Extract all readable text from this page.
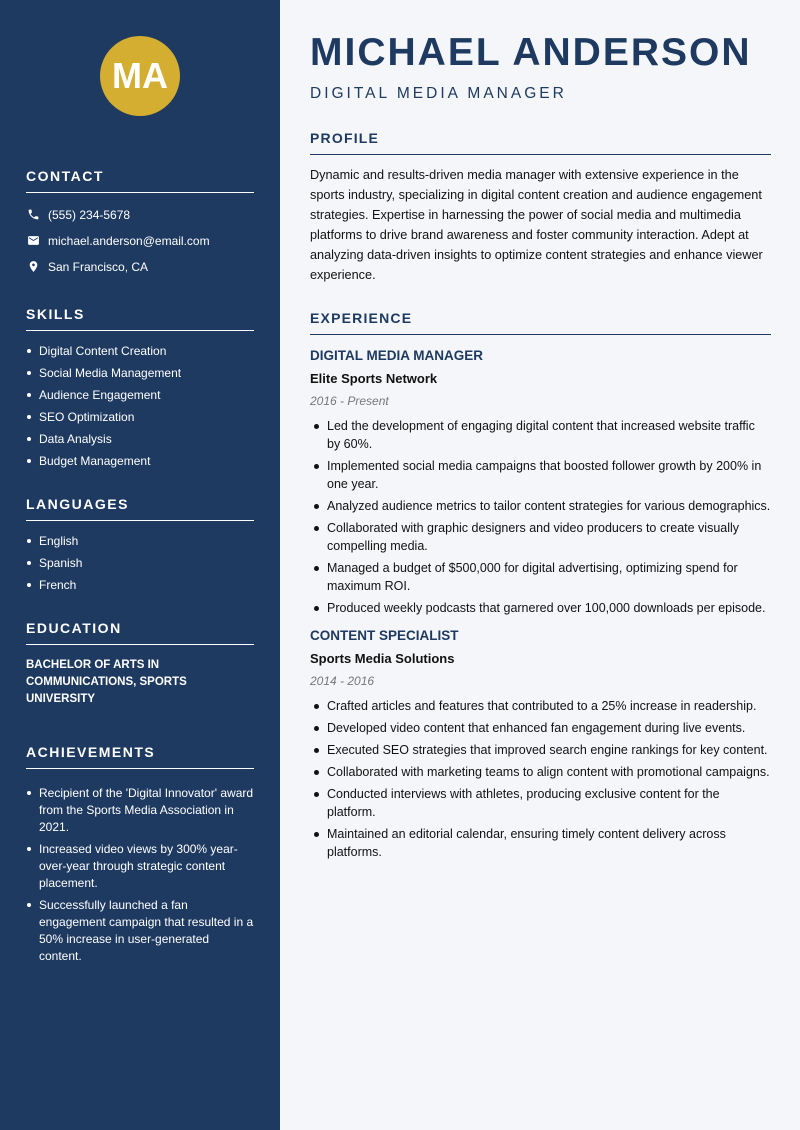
MA
CONTACT
(555) 234-5678
michael.anderson@email.com
San Francisco, CA
SKILLS
Digital Content Creation
Social Media Management
Audience Engagement
SEO Optimization
Data Analysis
Budget Management
LANGUAGES
English
Spanish
French
EDUCATION
BACHELOR OF ARTS IN COMMUNICATIONS, SPORTS UNIVERSITY
ACHIEVEMENTS
Recipient of the 'Digital Innovator' award from the Sports Media Association in 2021.
Increased video views by 300% year-over-year through strategic content placement.
Successfully launched a fan engagement campaign that resulted in a 50% increase in user-generated content.
MICHAEL ANDERSON
DIGITAL MEDIA MANAGER
PROFILE

Dynamic and results-driven media manager with extensive experience in the sports industry, specializing in digital content creation and audience engagement strategies. Expertise in harnessing the power of social media and multimedia platforms to drive brand awareness and foster community interaction. Adept at analyzing data-driven insights to optimize content strategies and enhance viewer experience.

EXPERIENCE
DIGITAL MEDIA MANAGER
Elite Sports Network
2016 - Present
Led the development of engaging digital content that increased website traffic by 60%.
Implemented social media campaigns that boosted follower growth by 200% in one year.
Analyzed audience metrics to tailor content strategies for various demographics.
Collaborated with graphic designers and video producers to create visually compelling media.
Managed a budget of $500,000 for digital advertising, optimizing spend for maximum ROI.
Produced weekly podcasts that garnered over 100,000 downloads per episode.
CONTENT SPECIALIST
Sports Media Solutions
2014 - 2016
Crafted articles and features that contributed to a 25% increase in readership.
Developed video content that enhanced fan engagement during live events.
Executed SEO strategies that improved search engine rankings for key content.
Collaborated with marketing teams to align content with promotional campaigns.
Conducted interviews with athletes, producing exclusive content for the platform.
Maintained an editorial calendar, ensuring timely content delivery across platforms.
